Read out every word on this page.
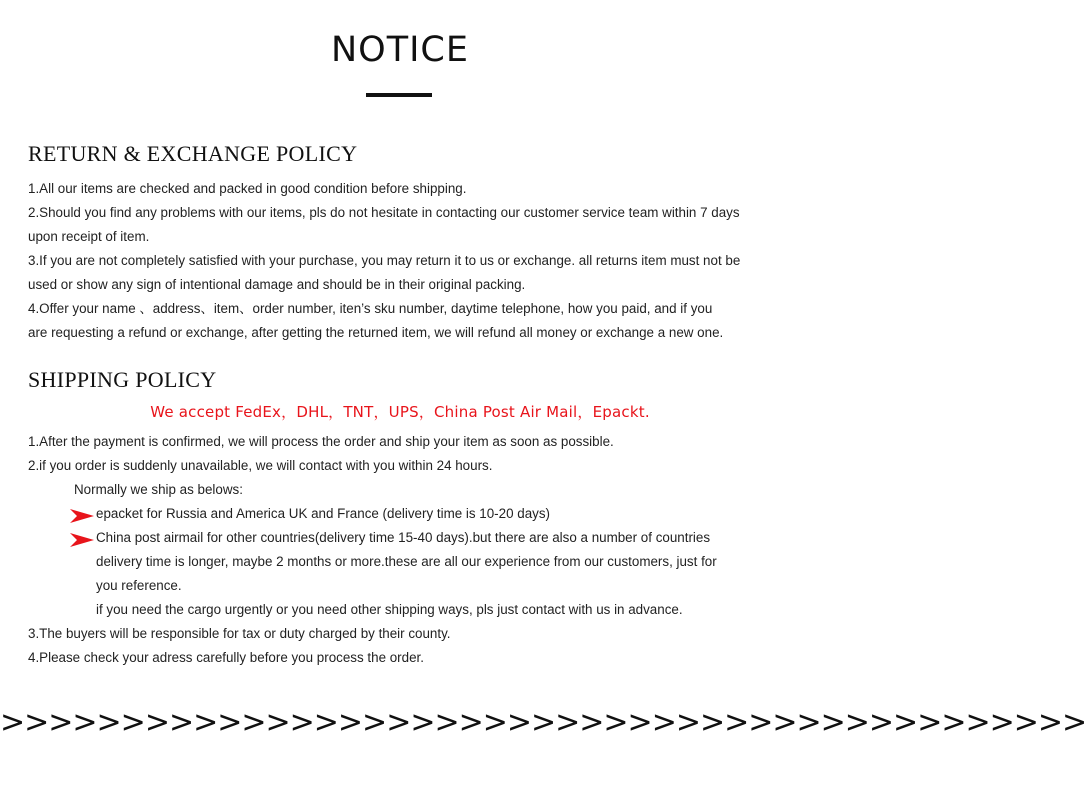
NOTICE
RETURN & EXCHANGE POLICY
1.All our items are checked and packed in good condition before shipping.
2.Should you find any problems with our items, pls do not hesitate in contacting our customer service team within 7 days
upon receipt of item.
3.If you are not completely satisfied with your purchase, you may return it to us or exchange. all returns item must not be
used or show any sign of intentional damage and should be in their original packing.
4.Offer your name 、address、item、order number, iten’s sku number, daytime telephone, how you paid, and if you
are requesting a refund or exchange, after getting the returned item, we will refund all money or exchange a new one.
SHIPPING POLICY
We accept FedEx，DHL，TNT，UPS，China Post Air Mail，Epackt.
1.After the payment is confirmed, we will process the order and ship your item as soon as possible.
2.if you order is suddenly unavailable, we will contact with you within 24 hours.
Normally we ship as belows:
epacket for Russia and America UK and France (delivery time is 10-20 days)
China post airmail for other countries(delivery time 15-40 days).but there are also a number of countries
delivery time is longer, maybe 2 months or more.these are all our experience from our customers, just for
you reference.
if you need the cargo urgently or you need other shipping ways, pls just contact with us in advance.
3.The buyers will be responsible for tax or duty charged by their county.
4.Please check your adress carefully before you process the order.
>>>>>>>>>>>>>>>>>>>>>>>>>>>>>>>>>>>>>>>>>>>>>
